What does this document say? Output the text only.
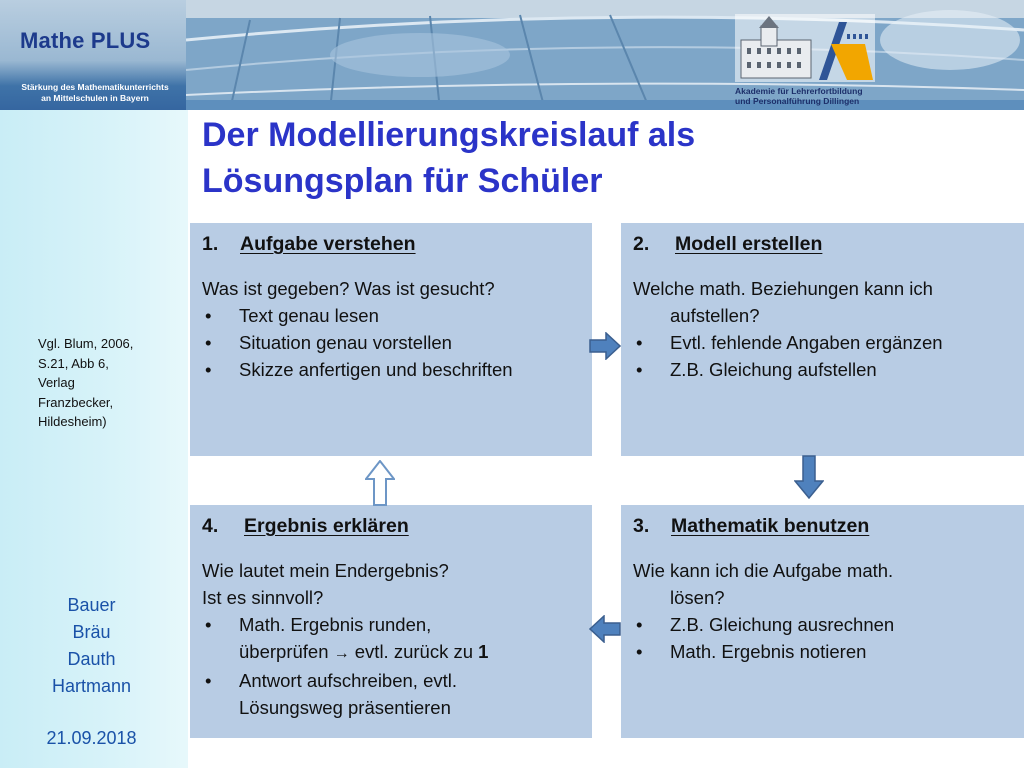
Mathe PLUS
Stärkung des Mathematikunterrichts
an Mittelschulen in Bayern
Akademie für Lehrerfortbildung
und Personalführung Dillingen
Vgl. Blum, 2006,
S.21, Abb 6,
Verlag
Franzbecker,
Hildesheim)
Bauer
Bräu
Dauth
Hartmann
21.09.2018
Der Modellierungskreislauf als
Lösungsplan für Schüler
1.	Aufgabe verstehen
Was ist gegeben? Was ist gesucht?
•	Text genau lesen
•	Situation genau vorstellen
•	Skizze anfertigen und beschriften
2.	Modell erstellen
Welche math. Beziehungen kann ich
aufstellen?
•	Evtl. fehlende Angaben ergänzen
•	Z.B. Gleichung aufstellen
4.	Ergebnis erklären
Wie lautet mein Endergebnis?
Ist es sinnvoll?
•	Math. Ergebnis runden,
überprüfen → evtl. zurück zu 1
•	Antwort aufschreiben, evtl.
Lösungsweg präsentieren
3.	Mathematik benutzen
Wie kann ich die Aufgabe math.
lösen?
•	Z.B. Gleichung ausrechnen
•	Math. Ergebnis notieren
